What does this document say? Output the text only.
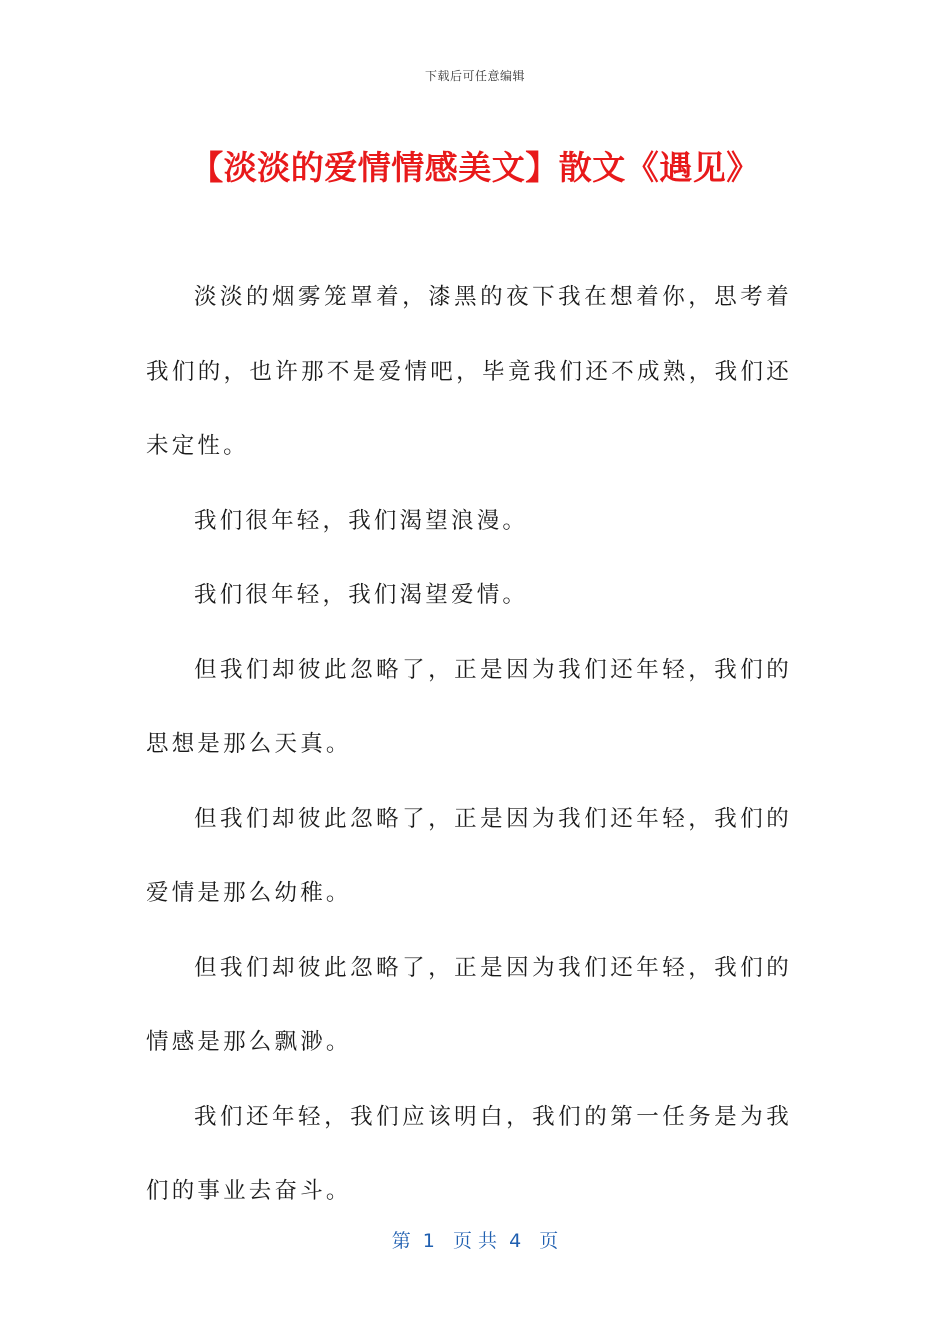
下载后可任意编辑
【淡淡的爱情情感美文】散文《遇见》

淡淡的烟雾笼罩着，漆黑的夜下我在想着你，思考着我们的，也许那不是爱情吧，毕竟我们还不成熟，我们还未定性。

我们很年轻，我们渴望浪漫。

我们很年轻，我们渴望爱情。

但我们却彼此忽略了，正是因为我们还年轻，我们的思想是那么天真。

但我们却彼此忽略了，正是因为我们还年轻，我们的爱情是那么幼稚。

但我们却彼此忽略了，正是因为我们还年轻，我们的情感是那么飘渺。

我们还年轻，我们应该明白，我们的第一任务是为我们的事业去奋斗。

第  1   页 共  4   页
